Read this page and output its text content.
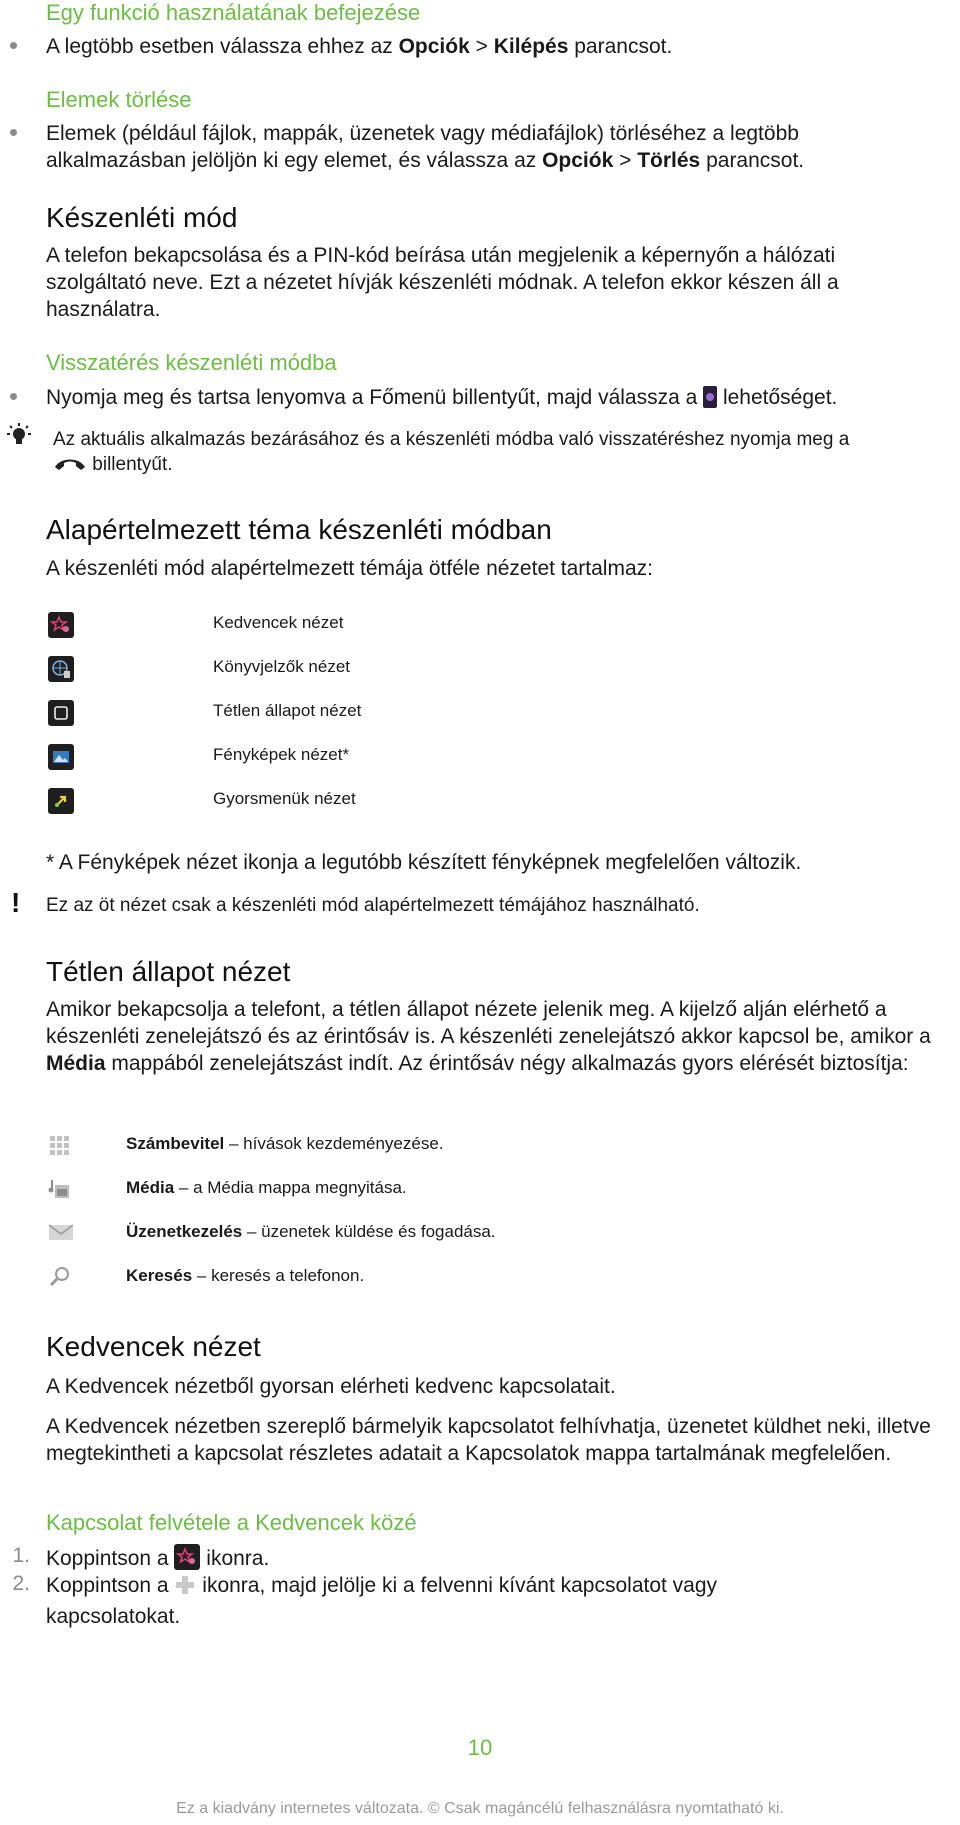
Egy funkció használatának befejezése
A legtöbb esetben válassza ehhez az Opciók > Kilépés parancsot.
Elemek törlése
Elemek (például fájlok, mappák, üzenetek vagy médiafájlok) törléséhez a legtöbb
alkalmazásban jelöljön ki egy elemet, és válassza az Opciók > Törlés parancsot.
Készenléti mód
A telefon bekapcsolása és a PIN-kód beírása után megjelenik a képernyőn a hálózati szolgáltató neve. Ezt a nézetet hívják készenléti módnak. A telefon ekkor készen áll a használatra.
Visszatérés készenléti módba
Nyomja meg és tartsa lenyomva a Főmenü billentyűt, majd válassza a
lehetőséget.
Az aktuális alkalmazás bezárásához és a készenléti módba való visszatéréshez nyomja meg a
billentyűt.
Alapértelmezett téma készenléti módban
A készenléti mód alapértelmezett témája ötféle nézetet tartalmaz:
Kedvencek nézet
Könyvjelzők nézet
Tétlen állapot nézet
Fényképek nézet*
Gyorsmenük nézet
* A Fényképek nézet ikonja a legutóbb készített fényképnek megfelelően változik.
! Ez az öt nézet csak a készenléti mód alapértelmezett témájához használható.
Tétlen állapot nézet
Amikor bekapcsolja a telefont, a tétlen állapot nézete jelenik meg. A kijelző alján elérhető a készenléti zenelejátszó és az érintősáv is. A készenléti zenelejátszó akkor kapcsol be, amikor a Média mappából zenelejátszást indít. Az érintősáv négy alkalmazás gyors elérését biztosítja:
Számbevitel – hívások kezdeményezése.
Média – a Média mappa megnyitása.
Üzenetkezelés – üzenetek küldése és fogadása.
Keresés – keresés a telefonon.
Kedvencek nézet
A Kedvencek nézetből gyorsan elérheti kedvenc kapcsolatait.
A Kedvencek nézetben szereplő bármelyik kapcsolatot felhívhatja, üzenetet küldhet neki, illetve megtekintheti a kapcsolat részletes adatait a Kapcsolatok mappa tartalmának megfelelően.
Kapcsolat felvétele a Kedvencek közé
1. Koppintson a  ikonra.
2. Koppintson a  ikonra, majd jelölje ki a felvenni kívánt kapcsolatot vagy kapcsolatokat.
10
Ez a kiadvány internetes változata. © Csak magáncélú felhasználásra nyomtatható ki.
